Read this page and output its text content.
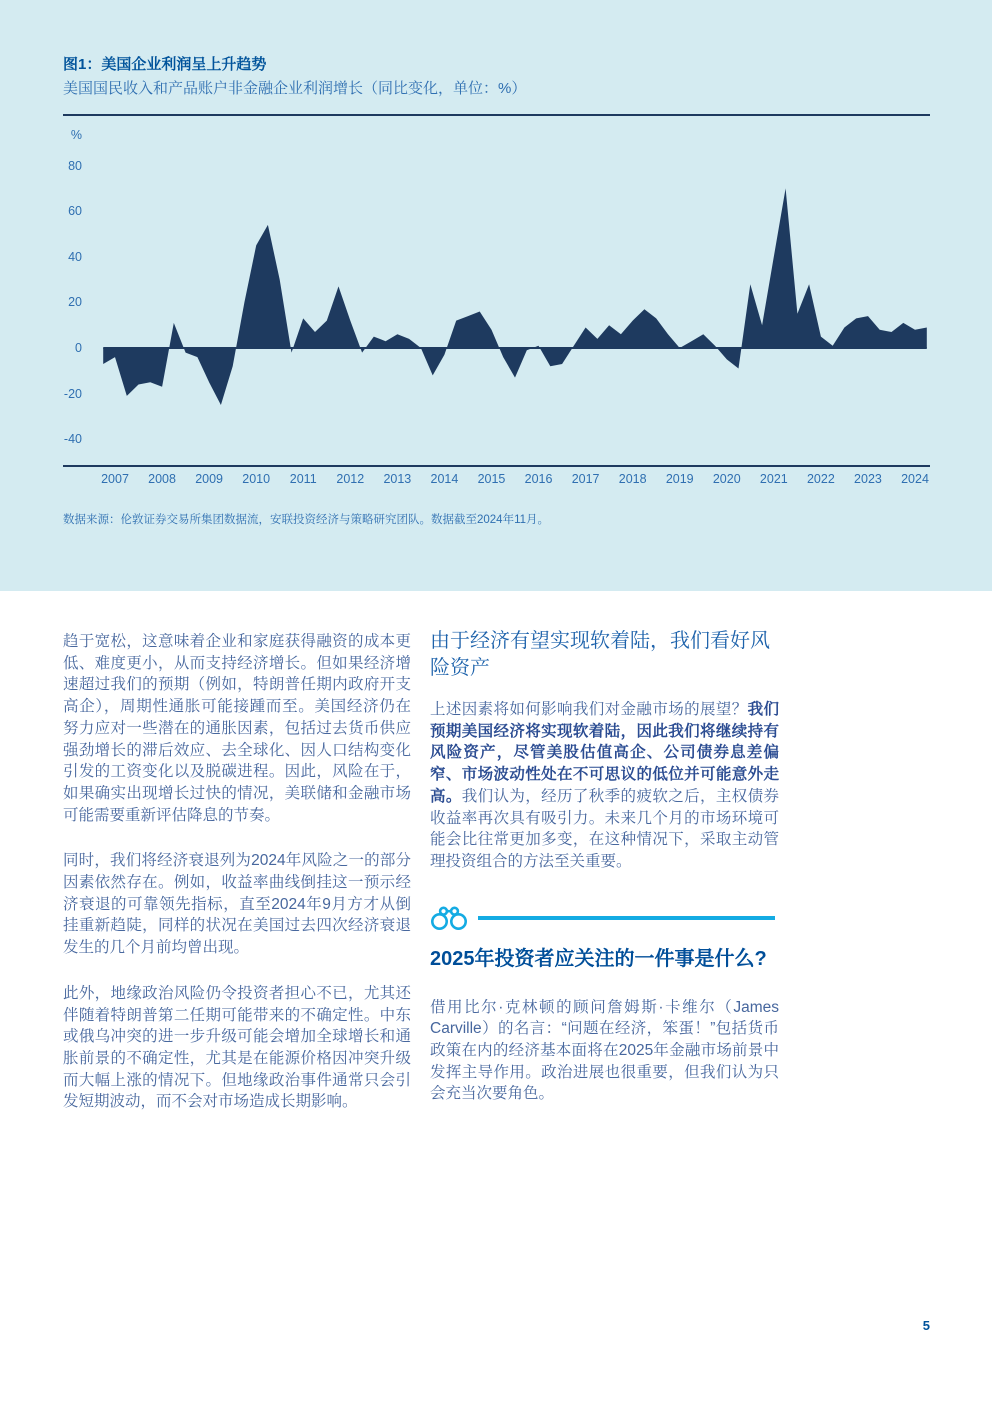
图1：美国企业利润呈上升趋势

美国国民收入和产品账户非金融企业利润增长（同比变化，单位：%）

%
80
60
40
20
0
-20
-40
2007	2008	2009	2010	2011	2012	2013	2014	2015	2016	2017	2018	2019	2020	2021	2022	2023	2024

数据来源：伦敦证券交易所集团数据流，安联投资经济与策略研究团队。数据截至2024年11月。

趋于宽松，这意味着企业和家庭获得融资的成本更低、难度更小，从而支持经济增长。但如果经济增速超过我们的预期（例如，特朗普任期内政府开支高企），周期性通胀可能接踵而至。美国经济仍在努力应对一些潜在的通胀因素，包括过去货币供应强劲增长的滞后效应、去全球化、因人口结构变化引发的工资变化以及脱碳进程。因此，风险在于，如果确实出现增长过快的情况，美联储和金融市场可能需要重新评估降息的节奏。

同时，我们将经济衰退列为2024年风险之一的部分因素依然存在。例如，收益率曲线倒挂这一预示经济衰退的可靠领先指标，直至2024年9月方才从倒挂重新趋陡，同样的状况在美国过去四次经济衰退发生的几个月前均曾出现。

此外，地缘政治风险仍令投资者担心不已，尤其还伴随着特朗普第二任期可能带来的不确定性。中东或俄乌冲突的进一步升级可能会增加全球增长和通胀前景的不确定性，尤其是在能源价格因冲突升级而大幅上涨的情况下。但地缘政治事件通常只会引发短期波动，而不会对市场造成长期影响。

由于经济有望实现软着陆，我们看好风险资产

上述因素将如何影响我们对金融市场的展望？我们预期美国经济将实现软着陆，因此我们将继续持有风险资产，尽管美股估值高企、公司债券息差偏窄、市场波动性处在不可思议的低位并可能意外走高。我们认为，经历了秋季的疲软之后，主权债券收益率再次具有吸引力。未来几个月的市场环境可能会比往常更加多变，在这种情况下，采取主动管理投资组合的方法至关重要。

2025年投资者应关注的一件事是什么?

借用比尔·克林顿的顾问詹姆斯·卡维尔（James Carville）的名言：“问题在经济，笨蛋！”包括货币政策在内的经济基本面将在2025年金融市场前景中发挥主导作用。政治进展也很重要，但我们认为只会充当次要角色。

5
